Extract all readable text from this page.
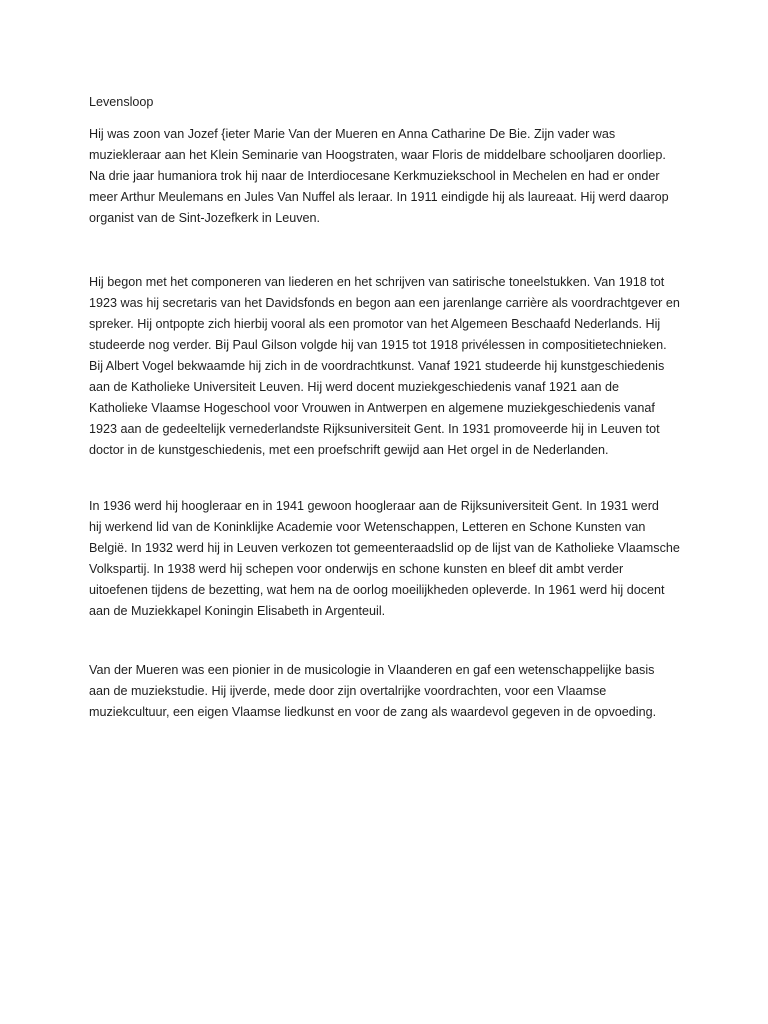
Levensloop

Hij was zoon van Jozef {ieter Marie Van der Mueren en Anna Catharine De Bie. Zijn vader was
muziekleraar aan het Klein Seminarie van Hoogstraten, waar Floris de middelbare schooljaren doorliep.
Na drie jaar humaniora trok hij naar de Interdiocesane Kerkmuziekschool in Mechelen en had er onder
meer Arthur Meulemans en Jules Van Nuffel als leraar. In 1911 eindigde hij als laureaat. Hij werd daarop
organist van de Sint-Jozefkerk in Leuven.

Hij begon met het componeren van liederen en het schrijven van satirische toneelstukken. Van 1918 tot
1923 was hij secretaris van het Davidsfonds en begon aan een jarenlange carrière als voordrachtgever en
spreker. Hij ontpopte zich hierbij vooral als een promotor van het Algemeen Beschaafd Nederlands. Hij
studeerde nog verder. Bij Paul Gilson volgde hij van 1915 tot 1918 privélessen in compositietechnieken.
Bij Albert Vogel bekwaamde hij zich in de voordrachtkunst. Vanaf 1921 studeerde hij kunstgeschiedenis
aan de Katholieke Universiteit Leuven. Hij werd docent muziekgeschiedenis vanaf 1921 aan de
Katholieke Vlaamse Hogeschool voor Vrouwen in Antwerpen en algemene muziekgeschiedenis vanaf
1923 aan de gedeeltelijk vernederlandste Rijksuniversiteit Gent. In 1931 promoveerde hij in Leuven tot
doctor in de kunstgeschiedenis, met een proefschrift gewijd aan Het orgel in de Nederlanden.

In 1936 werd hij hoogleraar en in 1941 gewoon hoogleraar aan de Rijksuniversiteit Gent. In 1931 werd
hij werkend lid van de Koninklijke Academie voor Wetenschappen, Letteren en Schone Kunsten van
België. In 1932 werd hij in Leuven verkozen tot gemeenteraadslid op de lijst van de Katholieke Vlaamsche
Volkspartij. In 1938 werd hij schepen voor onderwijs en schone kunsten en bleef dit ambt verder
uitoefenen tijdens de bezetting, wat hem na de oorlog moeilijkheden opleverde. In 1961 werd hij docent
aan de Muziekkapel Koningin Elisabeth in Argenteuil.

Van der Mueren was een pionier in de musicologie in Vlaanderen en gaf een wetenschappelijke basis
aan de muziekstudie. Hij ijverde, mede door zijn overtalrijke voordrachten, voor een Vlaamse
muziekcultuur, een eigen Vlaamse liedkunst en voor de zang als waardevol gegeven in de opvoeding.
